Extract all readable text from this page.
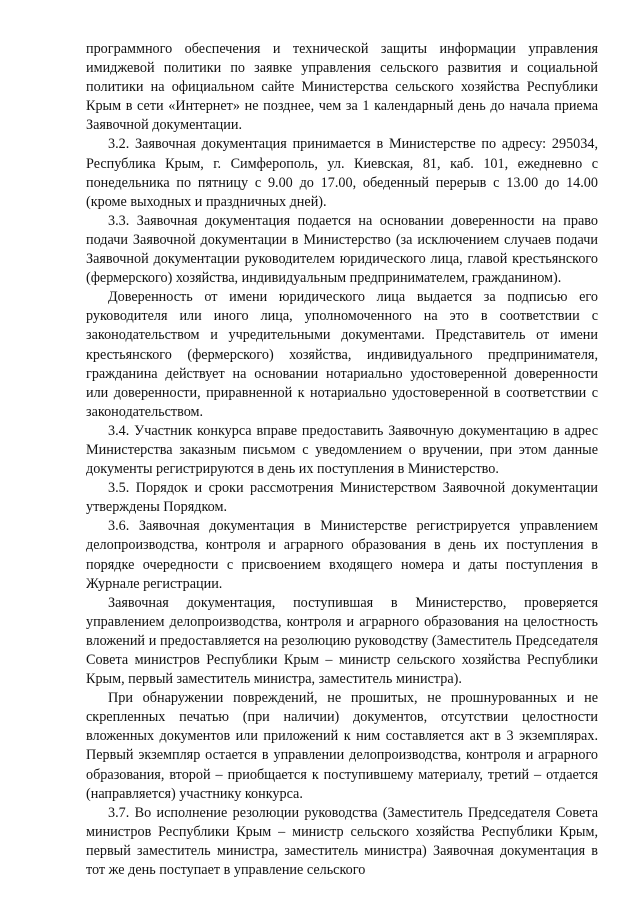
программного обеспечения и технической защиты информации управления имиджевой политики по заявке управления сельского развития и социальной политики на официальном сайте Министерства сельского хозяйства Республики Крым в сети «Интернет» не позднее, чем за 1 календарный день до начала приема Заявочной документации.

3.2. Заявочная документация принимается в Министерстве по адресу: 295034, Республика Крым, г. Симферополь, ул. Киевская, 81, каб. 101, ежедневно с понедельника по пятницу с 9.00 до 17.00, обеденный перерыв с 13.00 до 14.00 (кроме выходных и праздничных дней).

3.3. Заявочная документация подается на основании доверенности на право подачи Заявочной документации в Министерство (за исключением случаев подачи Заявочной документации руководителем юридического лица, главой крестьянского (фермерского) хозяйства, индивидуальным предпринимателем, гражданином).

Доверенность от имени юридического лица выдается за подписью его руководителя или иного лица, уполномоченного на это в соответствии с законодательством и учредительными документами. Представитель от имени крестьянского (фермерского) хозяйства, индивидуального предпринимателя, гражданина действует на основании нотариально удостоверенной доверенности или доверенности, приравненной к нотариально удостоверенной в соответствии с законодательством.

3.4. Участник конкурса вправе предоставить Заявочную документацию в адрес Министерства заказным письмом с уведомлением о вручении, при этом данные документы регистрируются в день их поступления в Министерство.

3.5. Порядок и сроки рассмотрения Министерством Заявочной документации утверждены Порядком.

3.6. Заявочная документация в Министерстве регистрируется управлением делопроизводства, контроля и аграрного образования в день их поступления в порядке очередности с присвоением входящего номера и даты поступления в Журнале регистрации.

Заявочная документация, поступившая в Министерство, проверяется управлением делопроизводства, контроля и аграрного образования на целостность вложений и предоставляется на резолюцию руководству (Заместитель Председателя Совета министров Республики Крым – министр сельского хозяйства Республики Крым, первый заместитель министра, заместитель министра).

При обнаружении повреждений, не прошитых, не прошнурованных и не скрепленных печатью (при наличии) документов, отсутствии целостности вложенных документов или приложений к ним составляется акт в 3 экземплярах. Первый экземпляр остается в управлении делопроизводства, контроля и аграрного образования, второй – приобщается к поступившему материалу, третий – отдается (направляется) участнику конкурса.

3.7. Во исполнение резолюции руководства (Заместитель Председателя Совета министров Республики Крым – министр сельского хозяйства Республики Крым, первый заместитель министра, заместитель министра) Заявочная документация в тот же день поступает в управление сельского
